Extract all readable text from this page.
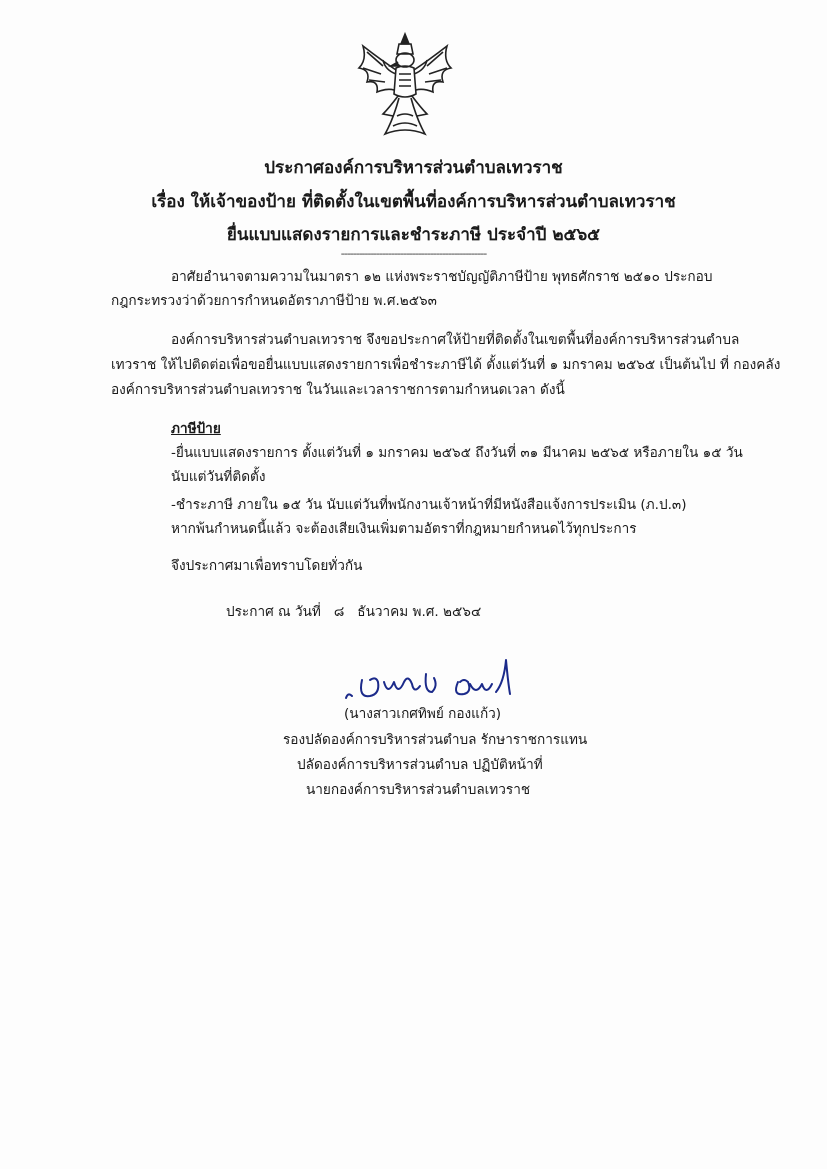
ประกาศองค์การบริหารส่วนตำบลเทวราช
เรื่อง ให้เจ้าของป้าย ที่ติดตั้งในเขตพื้นที่องค์การบริหารส่วนตำบลเทวราช
ยื่นแบบแสดงรายการและชำระภาษี ประจำปี ๒๕๖๕
-------------------------------------------------
อาศัยอำนาจตามความในมาตรา ๑๒ แห่งพระราชบัญญัติภาษีป้าย พุทธศักราช ๒๕๑๐ ประกอบ
กฎกระทรวงว่าด้วยการกำหนดอัตราภาษีป้าย พ.ศ.๒๕๖๓
องค์การบริหารส่วนตำบลเทวราช จึงขอประกาศให้ป้ายที่ติดตั้งในเขตพื้นที่องค์การบริหารส่วนตำบล
เทวราช ให้ไปติดต่อเพื่อขอยื่นแบบแสดงรายการเพื่อชำระภาษีได้ ตั้งแต่วันที่ ๑ มกราคม ๒๕๖๕ เป็นต้นไป ที่ กองคลัง
องค์การบริหารส่วนตำบลเทวราช ในวันและเวลาราชการตามกำหนดเวลา ดังนี้
ภาษีป้าย
-ยื่นแบบแสดงรายการ ตั้งแต่วันที่ ๑ มกราคม ๒๕๖๕ ถึงวันที่ ๓๑ มีนาคม ๒๕๖๕ หรือภายใน ๑๕ วัน
นับแต่วันที่ติดตั้ง
-ชำระภาษี ภายใน ๑๕ วัน นับแต่วันที่พนักงานเจ้าหน้าที่มีหนังสือแจ้งการประเมิน (ภ.ป.๓)
หากพ้นกำหนดนี้แล้ว จะต้องเสียเงินเพิ่มตามอัตราที่กฎหมายกำหนดไว้ทุกประการ
จึงประกาศมาเพื่อทราบโดยทั่วกัน
ประกาศ ณ วันที่   ๘   ธันวาคม พ.ศ. ๒๕๖๔
(นางสาวเกศทิพย์ กองแก้ว)
รองปลัดองค์การบริหารส่วนตำบล รักษาราชการแทน
ปลัดองค์การบริหารส่วนตำบล ปฏิบัติหน้าที่
นายกองค์การบริหารส่วนตำบลเทวราช
